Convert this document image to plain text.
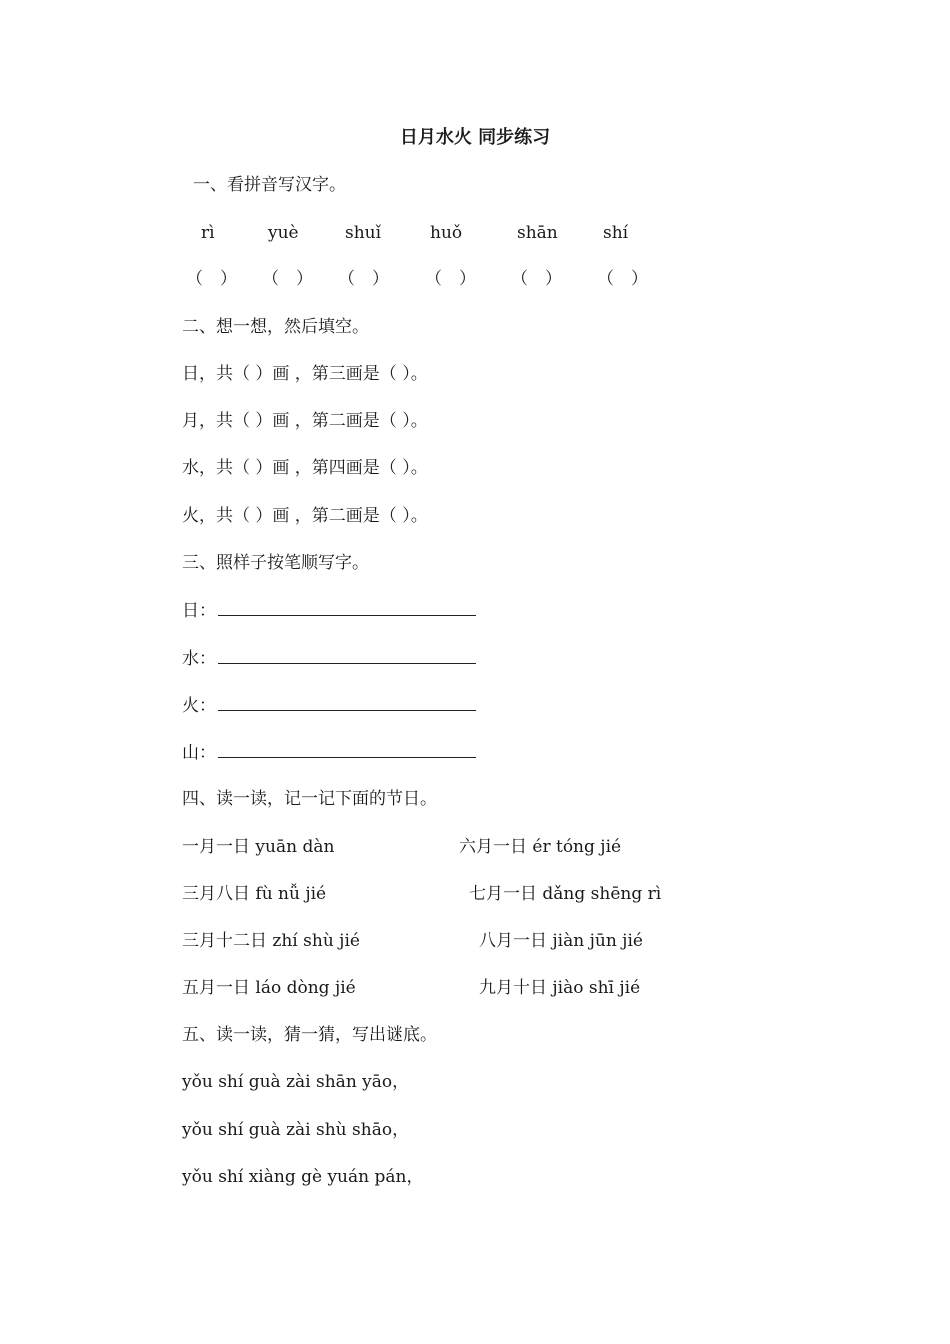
日月水火 同步练习
一、看拼音写汉字。
rì	yuè	shuǐ	huǒ	shān	shí
（　） （　） （　） （　） （　） （　）
二、想一想，然后填空。
日，共（ ）画 ，第三画是（ ）。
月，共（ ）画 ，第二画是（ ）。
水，共（ ）画 ，第四画是（ ）。
火，共（ ）画 ，第二画是（ ）。
三、照样子按笔顺写字。
日：
水：
火：
山：
四、读一读，记一记下面的节日。
一月一日 yuān dàn	六月一日 ér tóng jié
三月八日 fù nǚ jié	七月一日 dǎng shēng rì
三月十二日 zhí shù jié	八月一日 jiàn jūn jié
五月一日 láo dòng jié	九月十日 jiào shī jié
五、读一读，猜一猜，写出谜底。
yǒu shí guà zài shān yāo，
yǒu shí guà zài shù shāo，
yǒu shí xiàng gè yuán pán，
